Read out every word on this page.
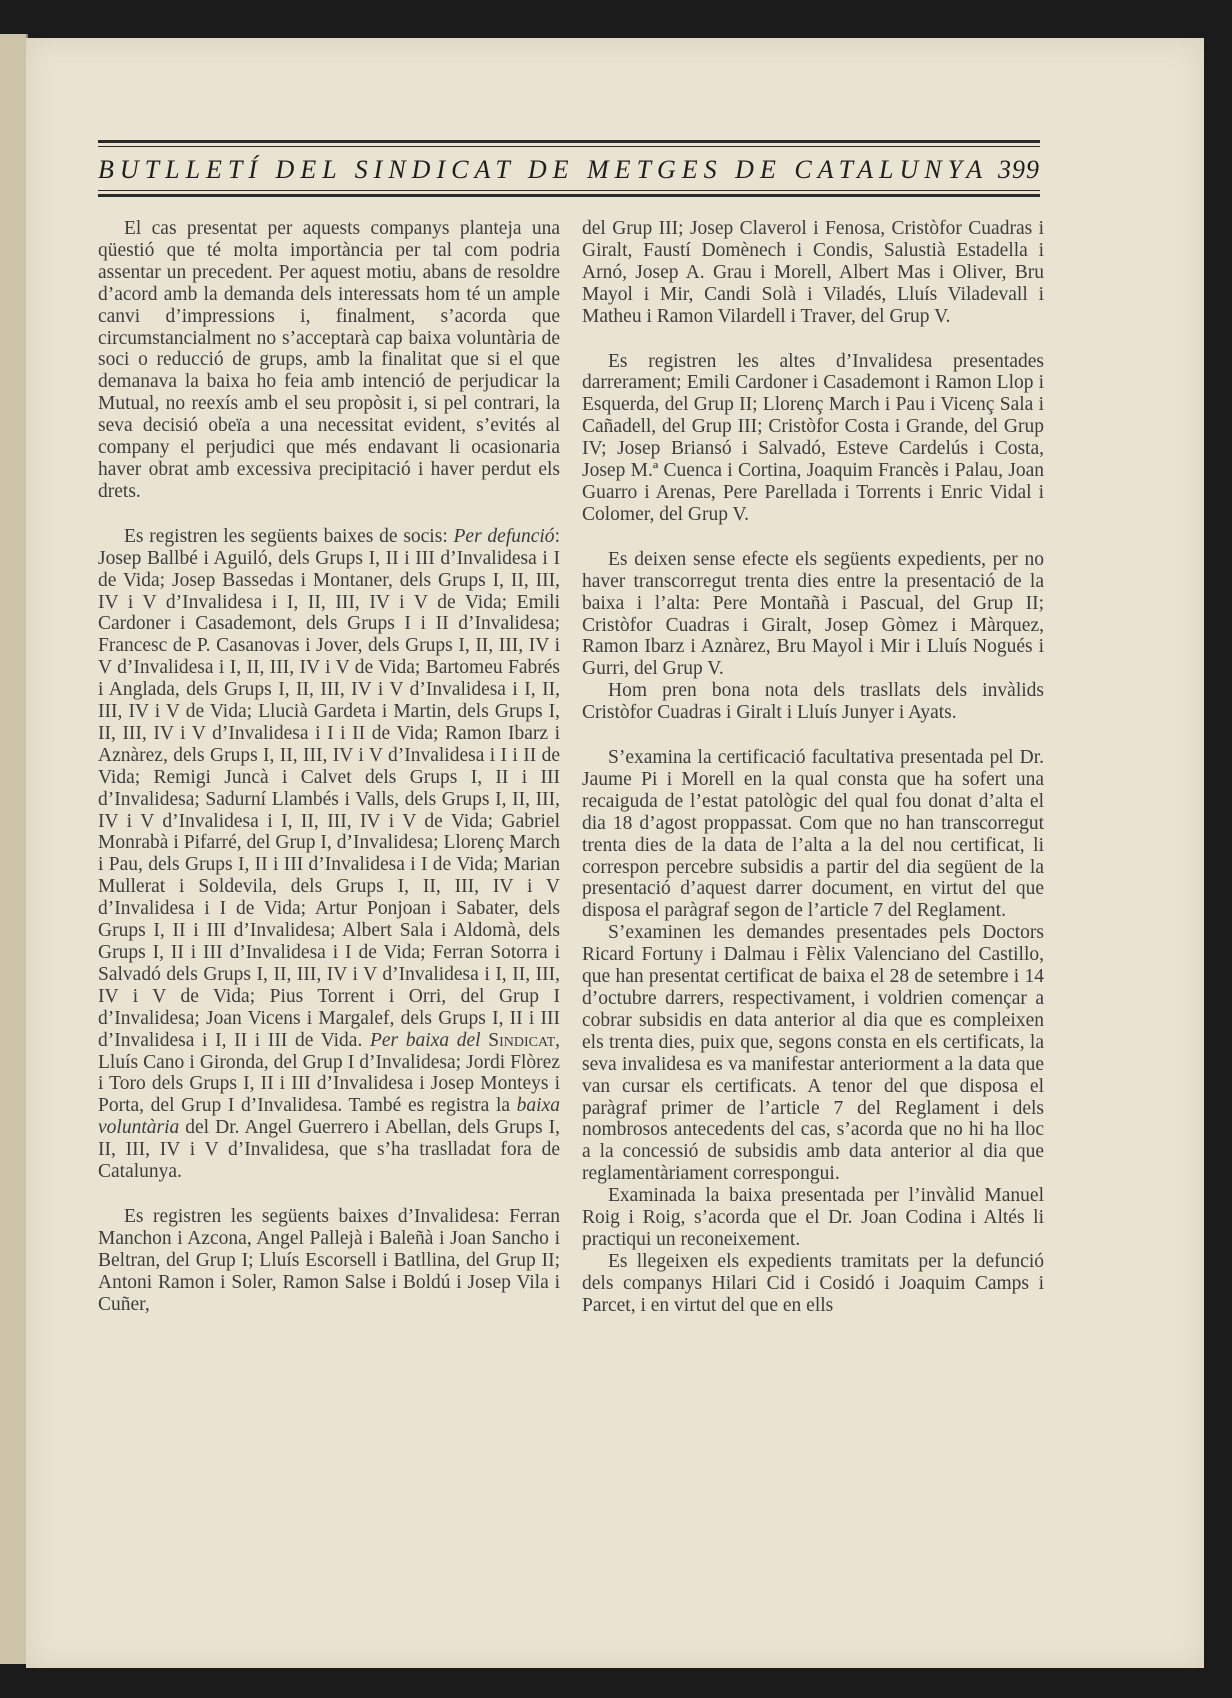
BUTLLETÍ DEL SINDICAT DE METGES DE CATALUNYA 399

El cas presentat per aquests companys planteja una qüestió que té molta importància per tal com podria assentar un precedent. Per aquest motiu, abans de resoldre d’acord amb la demanda dels interessats hom té un ample canvi d’impressions i, finalment, s’acorda que circumstancialment no s’acceptarà cap baixa voluntària de soci o reducció de grups, amb la finalitat que si el que demanava la baixa ho feia amb intenció de perjudicar la Mutual, no reexís amb el seu propòsit i, si pel contrari, la seva decisió obeïa a una necessitat evident, s’evités al company el perjudici que més endavant li ocasionaria haver obrat amb excessiva precipitació i haver perdut els drets.

Es registren les següents baixes de socis: Per defunció: Josep Ballbé i Aguiló, dels Grups I, II i III d’Invalidesa i I de Vida; Josep Bassedas i Montaner, dels Grups I, II, III, IV i V d’Invalidesa i I, II, III, IV i V de Vida; Emili Cardoner i Casademont, dels Grups I i II d’Invalidesa; Francesc de P. Casanovas i Jover, dels Grups I, II, III, IV i V d’Invalidesa i I, II, III, IV i V de Vida; Bartomeu Fabrés i Anglada, dels Grups I, II, III, IV i V d’Invalidesa i I, II, III, IV i V de Vida; Llucià Gardeta i Martin, dels Grups I, II, III, IV i V d’Invalidesa i I i II de Vida; Ramon Ibarz i Aznàrez, dels Grups I, II, III, IV i V d’Invalidesa i I i II de Vida; Remigi Juncà i Calvet dels Grups I, II i III d’Invalidesa; Sadurní Llambés i Valls, dels Grups I, II, III, IV i V d’Invalidesa i I, II, III, IV i V de Vida; Gabriel Monrabà i Pifarré, del Grup I, d’Invalidesa; Llorenç March i Pau, dels Grups I, II i III d’Invalidesa i I de Vida; Marian Mullerat i Soldevila, dels Grups I, II, III, IV i V d’Invalidesa i I de Vida; Artur Ponjoan i Sabater, dels Grups I, II i III d’Invalidesa; Albert Sala i Aldomà, dels Grups I, II i III d’Invalidesa i I de Vida; Ferran Sotorra i Salvadó dels Grups I, II, III, IV i V d’Invalidesa i I, II, III, IV i V de Vida; Pius Torrent i Orri, del Grup I d’Invalidesa; Joan Vicens i Margalef, dels Grups I, II i III d’Invalidesa i I, II i III de Vida. Per baixa del Sindicat, Lluís Cano i Gironda, del Grup I d’Invalidesa; Jordi Flòrez i Toro dels Grups I, II i III d’Invalidesa i Josep Monteys i Porta, del Grup I d’Invalidesa. També es registra la baixa voluntària del Dr. Angel Guerrero i Abellan, dels Grups I, II, III, IV i V d’Invalidesa, que s’ha traslladat fora de Catalunya.

Es registren les següents baixes d’Invalidesa: Ferran Manchon i Azcona, Angel Pallejà i Baleñà i Joan Sancho i Beltran, del Grup I; Lluís Escorsell i Batllina, del Grup II; Antoni Ramon i Soler, Ramon Salse i Boldú i Josep Vila i Cuñer,

del Grup III; Josep Claverol i Fenosa, Cristòfor Cuadras i Giralt, Faustí Domènech i Condis, Salustià Estadella i Arnó, Josep A. Grau i Morell, Albert Mas i Oliver, Bru Mayol i Mir, Candi Solà i Viladés, Lluís Viladevall i Matheu i Ramon Vilardell i Traver, del Grup V.

Es registren les altes d’Invalidesa presentades darrerament; Emili Cardoner i Casademont i Ramon Llop i Esquerda, del Grup II; Llorenç March i Pau i Vicenç Sala i Cañadell, del Grup III; Cristòfor Costa i Grande, del Grup IV; Josep Briansó i Salvadó, Esteve Cardelús i Costa, Josep M.ª Cuenca i Cortina, Joaquim Francès i Palau, Joan Guarro i Arenas, Pere Parellada i Torrents i Enric Vidal i Colomer, del Grup V.

Es deixen sense efecte els següents expedients, per no haver transcorregut trenta dies entre la presentació de la baixa i l’alta: Pere Montañà i Pascual, del Grup II; Cristòfor Cuadras i Giralt, Josep Gòmez i Màrquez, Ramon Ibarz i Aznàrez, Bru Mayol i Mir i Lluís Nogués i Gurri, del Grup V.

Hom pren bona nota dels trasllats dels invàlids Cristòfor Cuadras i Giralt i Lluís Junyer i Ayats.

S’examina la certificació facultativa presentada pel Dr. Jaume Pi i Morell en la qual consta que ha sofert una recaiguda de l’estat patològic del qual fou donat d’alta el dia 18 d’agost proppassat. Com que no han transcorregut trenta dies de la data de l’alta a la del nou certificat, li correspon percebre subsidis a partir del dia següent de la presentació d’aquest darrer document, en virtut del que disposa el paràgraf segon de l’article 7 del Reglament.

S’examinen les demandes presentades pels Doctors Ricard Fortuny i Dalmau i Fèlix Valenciano del Castillo, que han presentat certificat de baixa el 28 de setembre i 14 d’octubre darrers, respectivament, i voldrien començar a cobrar subsidis en data anterior al dia que es compleixen els trenta dies, puix que, segons consta en els certificats, la seva invalidesa es va manifestar anteriorment a la data que van cursar els certificats. A tenor del que disposa el paràgraf primer de l’article 7 del Reglament i dels nombrosos antecedents del cas, s’acorda que no hi ha lloc a la concessió de subsidis amb data anterior al dia que reglamentàriament correspongui.

Examinada la baixa presentada per l’invàlid Manuel Roig i Roig, s’acorda que el Dr. Joan Codina i Altés li practiqui un reconeixement.

Es llegeixen els expedients tramitats per la defunció dels companys Hilari Cid i Cosidó i Joaquim Camps i Parcet, i en virtut del que en ells
